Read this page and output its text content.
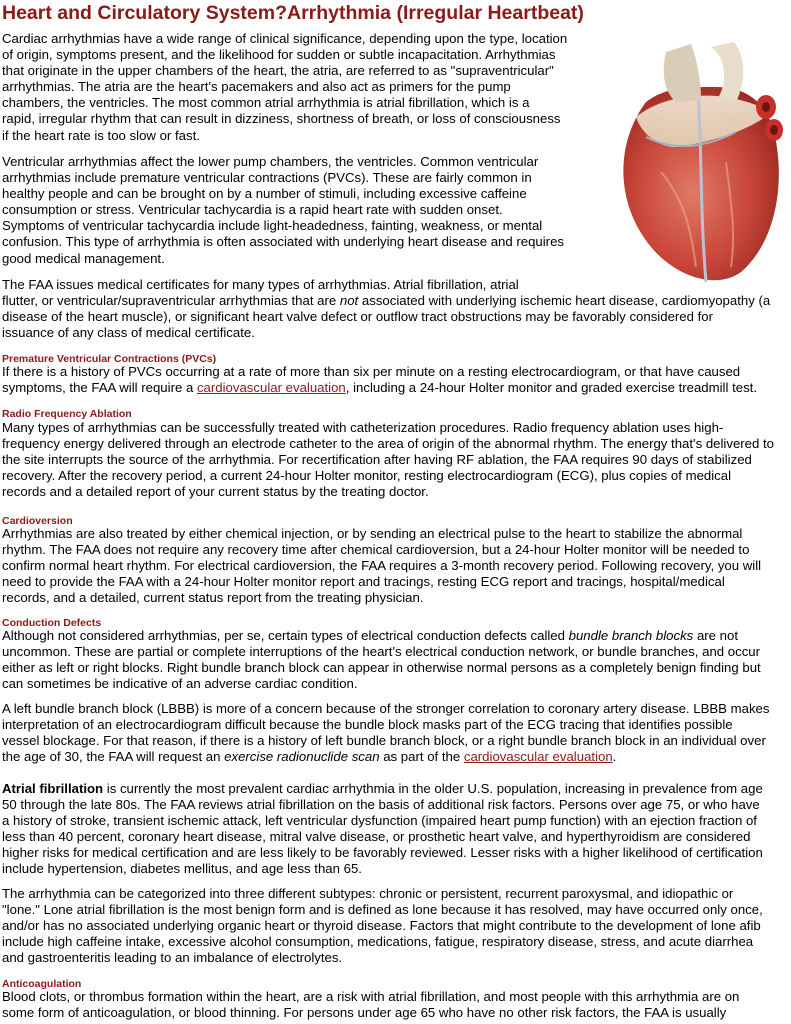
Heart and Circulatory System?Arrhythmia (Irregular Heartbeat)
Cardiac arrhythmias have a wide range of clinical significance, depending upon the type, location
of origin, symptoms present, and the likelihood for sudden or subtle incapacitation. Arrhythmias
that originate in the upper chambers of the heart, the atria, are referred to as "supraventricular"
arrhythmias. The atria are the heart's pacemakers and also act as primers for the pump
chambers, the ventricles. The most common atrial arrhythmia is atrial fibrillation, which is a
rapid, irregular rhythm that can result in dizziness, shortness of breath, or loss of consciousness
if the heart rate is too slow or fast.
Ventricular arrhythmias affect the lower pump chambers, the ventricles. Common ventricular
arrhythmias include premature ventricular contractions (PVCs). These are fairly common in
healthy people and can be brought on by a number of stimuli, including excessive caffeine
consumption or stress. Ventricular tachycardia is a rapid heart rate with sudden onset.
Symptoms of ventricular tachycardia include light-headedness, fainting, weakness, or mental
confusion. This type of arrhythmia is often associated with underlying heart disease and requires
good medical management.
The FAA issues medical certificates for many types of arrhythmias. Atrial fibrillation, atrial
flutter, or ventricular/supraventricular arrhythmias that are not associated with underlying ischemic heart disease, cardiomyopathy (a
disease of the heart muscle), or significant heart valve defect or outflow tract obstructions may be favorably considered for
issuance of any class of medical certificate.
Premature Ventricular Contractions (PVCs)
If there is a history of PVCs occurring at a rate of more than six per minute on a resting electrocardiogram, or that have caused
symptoms, the FAA will require a cardiovascular evaluation, including a 24-hour Holter monitor and graded exercise treadmill test.
Radio Frequency Ablation
Many types of arrhythmias can be successfully treated with catheterization procedures. Radio frequency ablation uses high-
frequency energy delivered through an electrode catheter to the area of origin of the abnormal rhythm. The energy that's delivered to
the site interrupts the source of the arrhythmia. For recertification after having RF ablation, the FAA requires 90 days of stabilized
recovery. After the recovery period, a current 24-hour Holter monitor, resting electrocardiogram (ECG), plus copies of medical
records and a detailed report of your current status by the treating doctor.
Cardioversion
Arrhythmias are also treated by either chemical injection, or by sending an electrical pulse to the heart to stabilize the abnormal
rhythm. The FAA does not require any recovery time after chemical cardioversion, but a 24-hour Holter monitor will be needed to
confirm normal heart rhythm. For electrical cardioversion, the FAA requires a 3-month recovery period. Following recovery, you will
need to provide the FAA with a 24-hour Holter monitor report and tracings, resting ECG report and tracings, hospital/medical
records, and a detailed, current status report from the treating physician.
Conduction Defects
Although not considered arrhythmias, per se, certain types of electrical conduction defects called bundle branch blocks are not
uncommon. These are partial or complete interruptions of the heart's electrical conduction network, or bundle branches, and occur
either as left or right blocks. Right bundle branch block can appear in otherwise normal persons as a completely benign finding but
can sometimes be indicative of an adverse cardiac condition.
A left bundle branch block (LBBB) is more of a concern because of the stronger correlation to coronary artery disease. LBBB makes
interpretation of an electrocardiogram difficult because the bundle block masks part of the ECG tracing that identifies possible
vessel blockage. For that reason, if there is a history of left bundle branch block, or a right bundle branch block in an individual over
the age of 30, the FAA will request an exercise radionuclide scan as part of the cardiovascular evaluation.
Atrial fibrillation is currently the most prevalent cardiac arrhythmia in the older U.S. population, increasing in prevalence from age
50 through the late 80s. The FAA reviews atrial fibrillation on the basis of additional risk factors. Persons over age 75, or who have
a history of stroke, transient ischemic attack, left ventricular dysfunction (impaired heart pump function) with an ejection fraction of
less than 40 percent, coronary heart disease, mitral valve disease, or prosthetic heart valve, and hyperthyroidism are considered
higher risks for medical certification and are less likely to be favorably reviewed. Lesser risks with a higher likelihood of certification
include hypertension, diabetes mellitus, and age less than 65.
The arrhythmia can be categorized into three different subtypes: chronic or persistent, recurrent paroxysmal, and idiopathic or
"lone." Lone atrial fibrillation is the most benign form and is defined as lone because it has resolved, may have occurred only once,
and/or has no associated underlying organic heart or thyroid disease. Factors that might contribute to the development of lone afib
include high caffeine intake, excessive alcohol consumption, medications, fatigue, respiratory disease, stress, and acute diarrhea
and gastroenteritis leading to an imbalance of electrolytes.
Anticoagulation
Blood clots, or thrombus formation within the heart, are a risk with atrial fibrillation, and most people with this arrhythmia are on
some form of anticoagulation, or blood thinning. For persons under age 65 who have no other risk factors, the FAA is usually
